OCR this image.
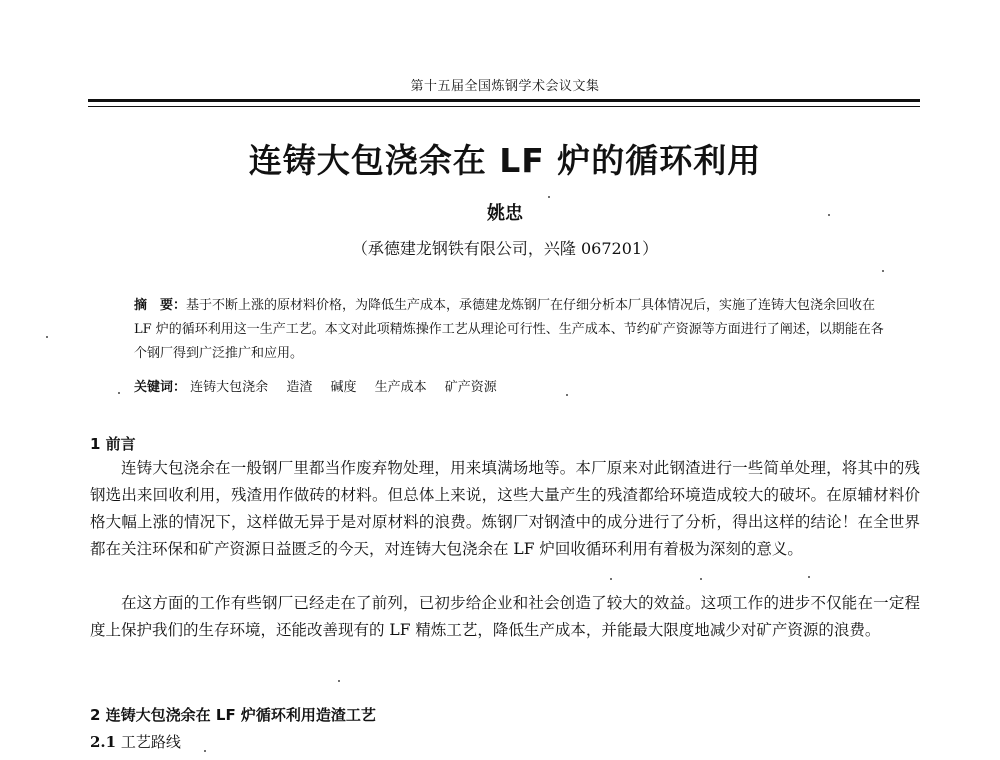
第十五届全国炼钢学术会议文集
连铸大包浇余在 LF 炉的循环利用
姚忠
（承德建龙钢铁有限公司，兴隆 067201）
摘　要：基于不断上涨的原材料价格，为降低生产成本，承德建龙炼钢厂在仔细分析本厂具体情况后，实施了连铸大包浇余回收在 LF 炉的循环利用这一生产工艺。本文对此项精炼操作工艺从理论可行性、生产成本、节约矿产资源等方面进行了阐述，以期能在各个钢厂得到广泛推广和应用。
关键词： 连铸大包浇余 造渣 碱度 生产成本 矿产资源
1 前言
连铸大包浇余在一般钢厂里都当作废弃物处理，用来填满场地等。本厂原来对此钢渣进行一些简单处理，将其中的残钢选出来回收利用，残渣用作做砖的材料。但总体上来说，这些大量产生的残渣都给环境造成较大的破坏。在原辅材料价格大幅上涨的情况下，这样做无异于是对原材料的浪费。炼钢厂对钢渣中的成分进行了分析，得出这样的结论！在全世界都在关注环保和矿产资源日益匮乏的今天，对连铸大包浇余在 LF 炉回收循环利用有着极为深刻的意义。
在这方面的工作有些钢厂已经走在了前列，已初步给企业和社会创造了较大的效益。这项工作的进步不仅能在一定程度上保护我们的生存环境，还能改善现有的 LF 精炼工艺，降低生产成本，并能最大限度地减少对矿产资源的浪费。
2 连铸大包浇余在 LF 炉循环利用造渣工艺
2.1 工艺路线
